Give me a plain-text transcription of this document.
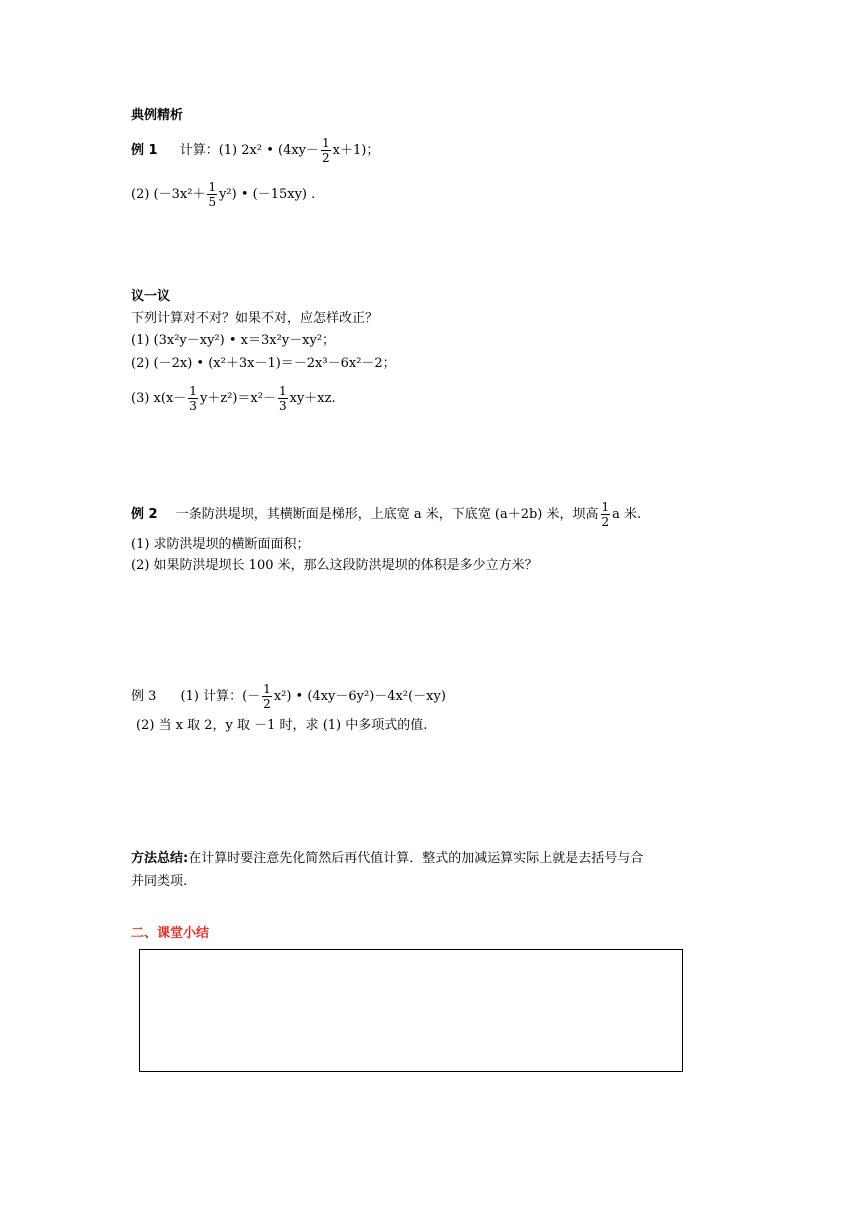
典例精析
例 1 计算：(1) 2x² • $(4xy- \frac{1}{2} x+1)$；
(2) $(-3x^2+ \frac{1}{5} y^2)$ • (－15xy) .
议一议
下列计算对不对？如果不对，应怎样改正？
(1) (3x²y－xy²) • x＝3x²y－xy²；
(2) (－2x) • (x²＋3x－1)＝－2x³－6x²－2；
(3) $x(x- \frac{1}{3} y+z^2)=x^2- \frac{1}{3} xy+xz$.
例 2 一条防洪堤坝，其横断面是梯形，上底宽 a 米，下底宽 (a＋2b) 米，坝高 $\frac{1}{2}$ a 米.
(1) 求防洪堤坝的横断面面积；
(2) 如果防洪堤坝长 100 米，那么这段防洪堤坝的体积是多少立方米？
例 3 (1) 计算：(－ $\frac{1}{2} x^2$) • (4xy－6y²)－4x²(－xy)
(2) 当 x 取 2，y 取 －1 时，求 (1) 中多项式的值.
方法总结:在计算时要注意先化简然后再代值计算．整式的加减运算实际上就是去括号与合
并同类项.
二、课堂小结
